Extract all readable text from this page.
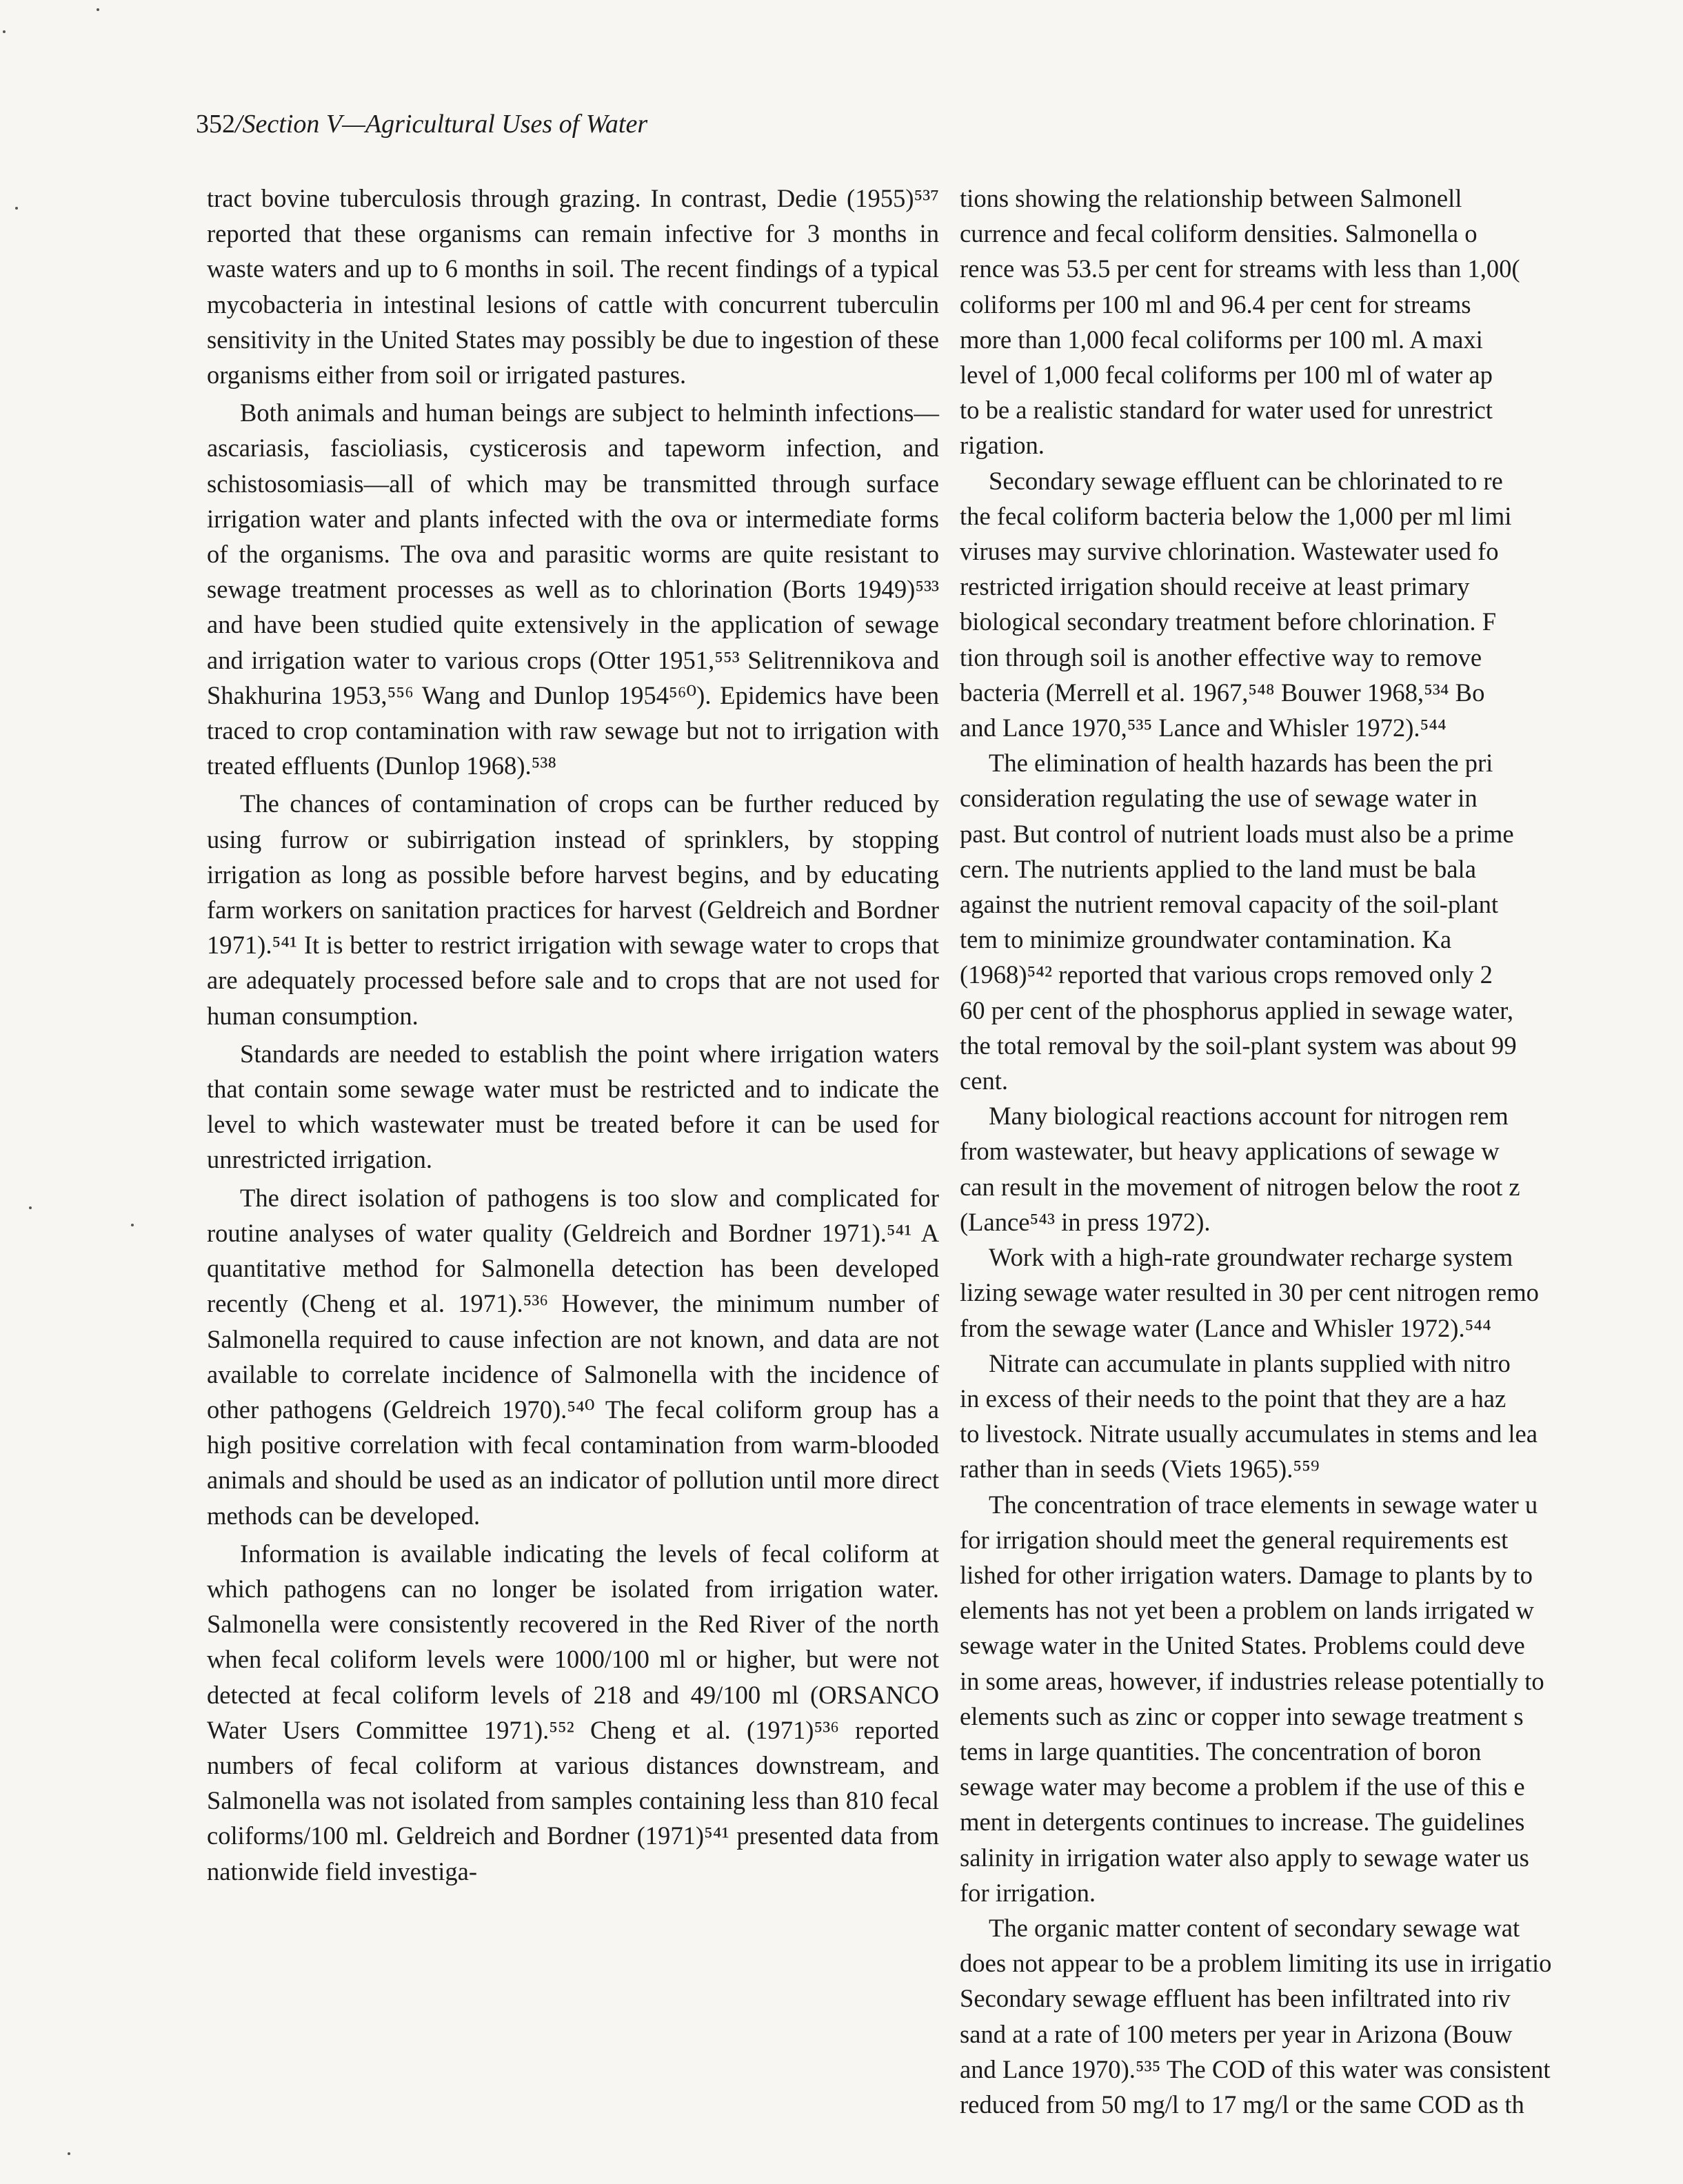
352/Section V—Agricultural Uses of Water

tract bovine tuberculosis through grazing. In contrast, Dedie (1955)⁵³⁷ reported that these organisms can remain infective for 3 months in waste waters and up to 6 months in soil. The recent findings of a typical mycobacteria in intestinal lesions of cattle with concurrent tuberculin sensitivity in the United States may possibly be due to ingestion of these organisms either from soil or irrigated pastures.

Both animals and human beings are subject to helminth infections—ascariasis, fascioliasis, cysticerosis and tapeworm infection, and schistosomiasis—all of which may be transmitted through surface irrigation water and plants infected with the ova or intermediate forms of the organisms. The ova and parasitic worms are quite resistant to sewage treatment processes as well as to chlorination (Borts 1949)⁵³³ and have been studied quite extensively in the application of sewage and irrigation water to various crops (Otter 1951,⁵⁵³ Selitrennikova and Shakhurina 1953,⁵⁵⁶ Wang and Dunlop 1954⁵⁶⁰). Epidemics have been traced to crop contamination with raw sewage but not to irrigation with treated effluents (Dunlop 1968).⁵³⁸

The chances of contamination of crops can be further reduced by using furrow or subirrigation instead of sprinklers, by stopping irrigation as long as possible before harvest begins, and by educating farm workers on sanitation practices for harvest (Geldreich and Bordner 1971).⁵⁴¹ It is better to restrict irrigation with sewage water to crops that are adequately processed before sale and to crops that are not used for human consumption.

Standards are needed to establish the point where irrigation waters that contain some sewage water must be restricted and to indicate the level to which wastewater must be treated before it can be used for unrestricted irrigation.

The direct isolation of pathogens is too slow and complicated for routine analyses of water quality (Geldreich and Bordner 1971).⁵⁴¹ A quantitative method for Salmonella detection has been developed recently (Cheng et al. 1971).⁵³⁶ However, the minimum number of Salmonella required to cause infection are not known, and data are not available to correlate incidence of Salmonella with the incidence of other pathogens (Geldreich 1970).⁵⁴⁰ The fecal coliform group has a high positive correlation with fecal contamination from warm-blooded animals and should be used as an indicator of pollution until more direct methods can be developed.

Information is available indicating the levels of fecal coliform at which pathogens can no longer be isolated from irrigation water. Salmonella were consistently recovered in the Red River of the north when fecal coliform levels were 1000/100 ml or higher, but were not detected at fecal coliform levels of 218 and 49/100 ml (ORSANCO Water Users Committee 1971).⁵⁵² Cheng et al. (1971)⁵³⁶ reported numbers of fecal coliform at various distances downstream, and Salmonella was not isolated from samples containing less than 810 fecal coliforms/100 ml. Geldreich and Bordner (1971)⁵⁴¹ presented data from nationwide field investiga-

tions showing the relationship between Salmonell
currence and fecal coliform densities. Salmonella o
rence was 53.5 per cent for streams with less than 1,00(
coliforms per 100 ml and 96.4 per cent for streams
more than 1,000 fecal coliforms per 100 ml. A maxi
level of 1,000 fecal coliforms per 100 ml of water ap
to be a realistic standard for water used for unrestrict
rigation.
Secondary sewage effluent can be chlorinated to re
the fecal coliform bacteria below the 1,000 per ml limi
viruses may survive chlorination. Wastewater used fo
restricted irrigation should receive at least primary
biological secondary treatment before chlorination. F
tion through soil is another effective way to remove
bacteria (Merrell et al. 1967,⁵⁴⁸ Bouwer 1968,⁵³⁴ Bo
and Lance 1970,⁵³⁵ Lance and Whisler 1972).⁵⁴⁴
The elimination of health hazards has been the pri
consideration regulating the use of sewage water in
past. But control of nutrient loads must also be a prime
cern. The nutrients applied to the land must be bala
against the nutrient removal capacity of the soil-plant
tem to minimize groundwater contamination. Ka
(1968)⁵⁴² reported that various crops removed only 2
60 per cent of the phosphorus applied in sewage water,
the total removal by the soil-plant system was about 99
cent.
Many biological reactions account for nitrogen rem
from wastewater, but heavy applications of sewage w
can result in the movement of nitrogen below the root z
(Lance⁵⁴³ in press 1972).
Work with a high-rate groundwater recharge system
lizing sewage water resulted in 30 per cent nitrogen remo
from the sewage water (Lance and Whisler 1972).⁵⁴⁴
Nitrate can accumulate in plants supplied with nitro
in excess of their needs to the point that they are a haz
to livestock. Nitrate usually accumulates in stems and lea
rather than in seeds (Viets 1965).⁵⁵⁹
The concentration of trace elements in sewage water u
for irrigation should meet the general requirements est
lished for other irrigation waters. Damage to plants by to
elements has not yet been a problem on lands irrigated w
sewage water in the United States. Problems could deve
in some areas, however, if industries release potentially to
elements such as zinc or copper into sewage treatment s
tems in large quantities. The concentration of boron
sewage water may become a problem if the use of this e
ment in detergents continues to increase. The guidelines
salinity in irrigation water also apply to sewage water us
for irrigation.
The organic matter content of secondary sewage wat
does not appear to be a problem limiting its use in irrigatio
Secondary sewage effluent has been infiltrated into riv
sand at a rate of 100 meters per year in Arizona (Bouw
and Lance 1970).⁵³⁵ The COD of this water was consistent
reduced from 50 mg/l to 17 mg/l or the same COD as th
